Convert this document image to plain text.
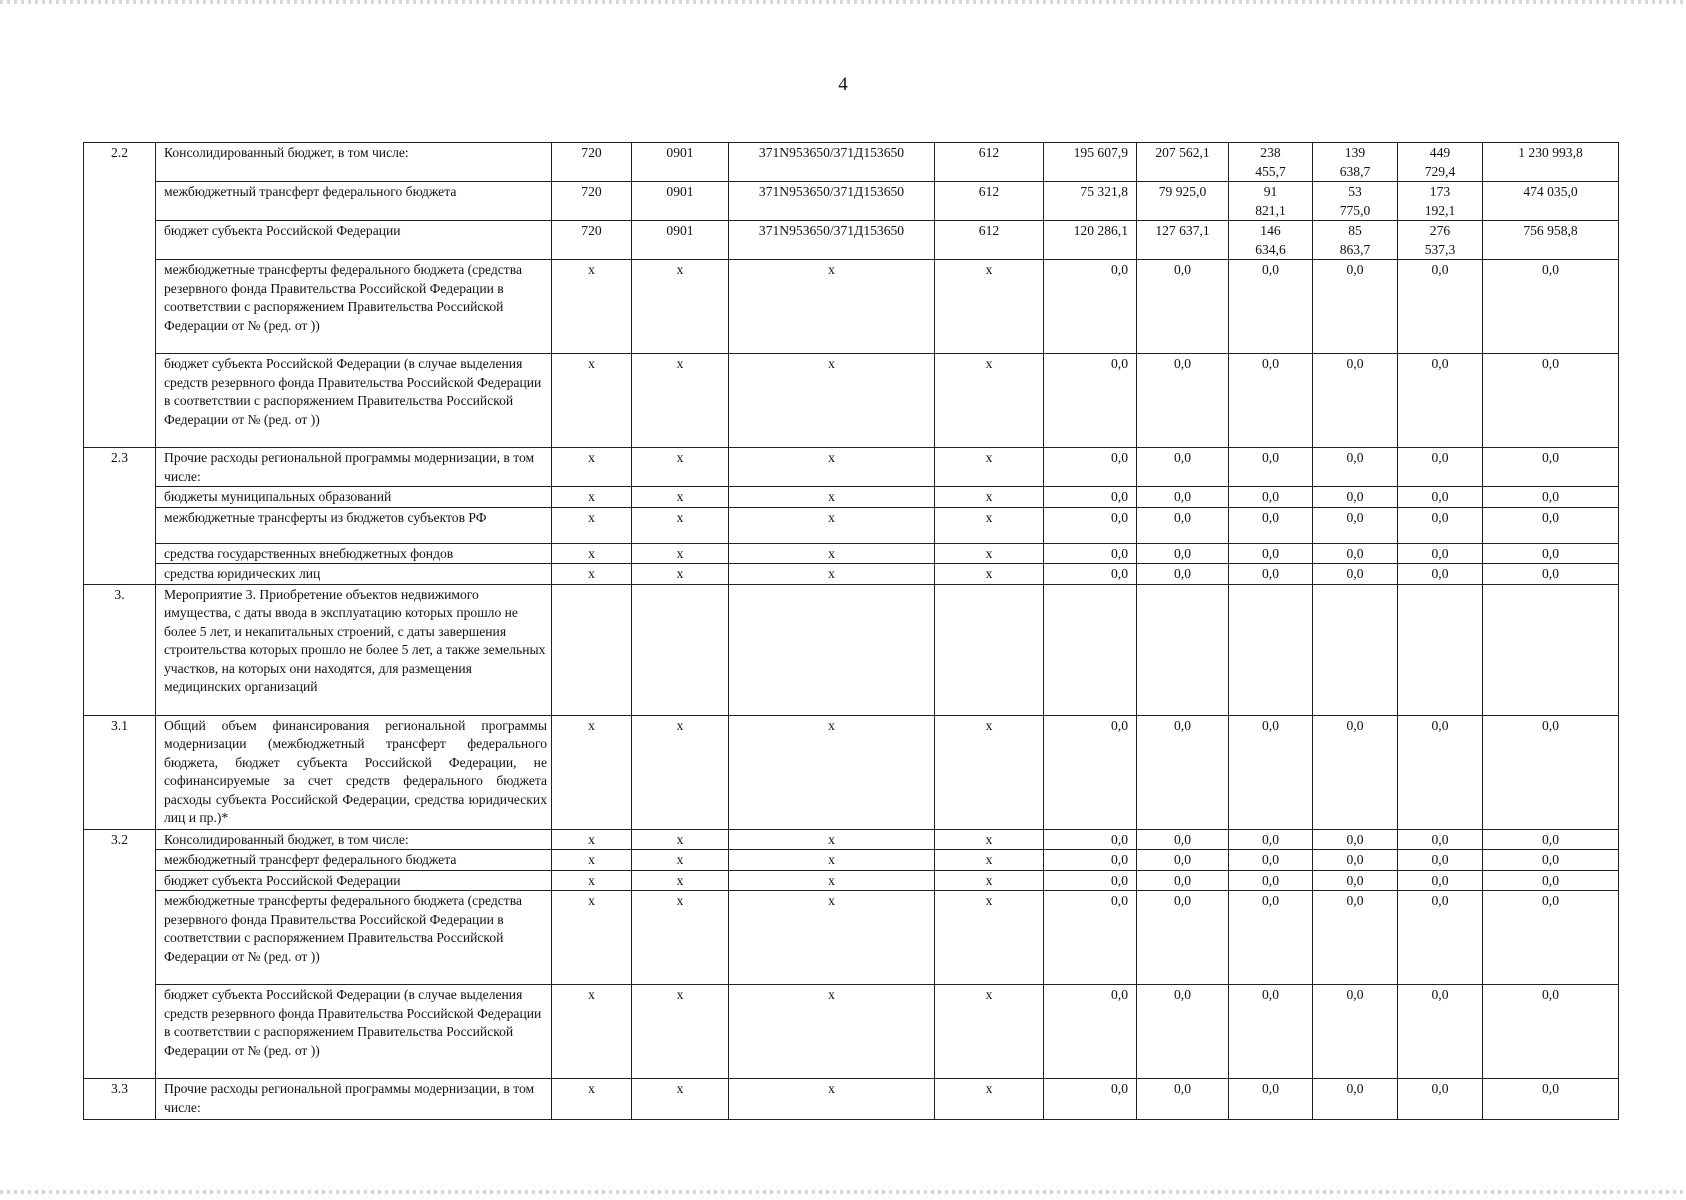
4
2.2	Консолидированный бюджет, в том числе:	720	0901	371N953650/371Д153650	612	195 607,9	207 562,1	238 455,7	139 638,7	449 729,4	1 230 993,8
	межбюджетный трансферт федерального бюджета	720	0901	371N953650/371Д153650	612	75 321,8	79 925,0	91 821,1	53 775,0	173 192,1	474 035,0
	бюджет субъекта Российской Федерации	720	0901	371N953650/371Д153650	612	120 286,1	127 637,1	146 634,6	85 863,7	276 537,3	756 958,8
	межбюджетные трансферты федерального бюджета (средства резервного фонда Правительства Российской Федерации в соответствии с распоряжением Правительства Российской Федерации от № (ред. от ))	x	x	x	x	0,0	0,0	0,0	0,0	0,0	0,0
	бюджет субъекта Российской Федерации (в случае выделения средств резервного фонда Правительства Российской Федерации в соответствии с распоряжением Правительства Российской Федерации от № (ред. от ))	x	x	x	x	0,0	0,0	0,0	0,0	0,0	0,0
2.3	Прочие расходы региональной программы модернизации, в том числе:	x	x	x	x	0,0	0,0	0,0	0,0	0,0	0,0
	бюджеты муниципальных образований	x	x	x	x	0,0	0,0	0,0	0,0	0,0	0,0
	межбюджетные трансферты из бюджетов субъектов РФ	x	x	x	x	0,0	0,0	0,0	0,0	0,0	0,0
	средства государственных внебюджетных фондов	x	x	x	x	0,0	0,0	0,0	0,0	0,0	0,0
	средства юридических лиц	x	x	x	x	0,0	0,0	0,0	0,0	0,0	0,0
3.	Мероприятие 3. Приобретение объектов недвижимого имущества, с даты ввода в эксплуатацию которых прошло не более 5 лет, и некапитальных строений, с даты завершения строительства которых прошло не более 5 лет, а также земельных участков, на которых они находятся, для размещения медицинских организаций										
3.1	Общий объем финансирования региональной программы модернизации (межбюджетный трансферт федерального бюджета, бюджет субъекта Российской Федерации, не софинансируемые за счет средств федерального бюджета расходы субъекта Российской Федерации, средства юридических лиц и пр.)*	x	x	x	x	0,0	0,0	0,0	0,0	0,0	0,0
3.2	Консолидированный бюджет, в том числе:	x	x	x	x	0,0	0,0	0,0	0,0	0,0	0,0
	межбюджетный трансферт федерального бюджета	x	x	x	x	0,0	0,0	0,0	0,0	0,0	0,0
	бюджет субъекта Российской Федерации	x	x	x	x	0,0	0,0	0,0	0,0	0,0	0,0
	межбюджетные трансферты федерального бюджета (средства резервного фонда Правительства Российской Федерации в соответствии с распоряжением Правительства Российской Федерации от № (ред. от ))	x	x	x	x	0,0	0,0	0,0	0,0	0,0	0,0
	бюджет субъекта Российской Федерации (в случае выделения средств резервного фонда Правительства Российской Федерации в соответствии с распоряжением Правительства Российской Федерации от № (ред. от ))	x	x	x	x	0,0	0,0	0,0	0,0	0,0	0,0
3.3	Прочие расходы региональной программы модернизации, в том числе:	x	x	x	x	0,0	0,0	0,0	0,0	0,0	0,0
